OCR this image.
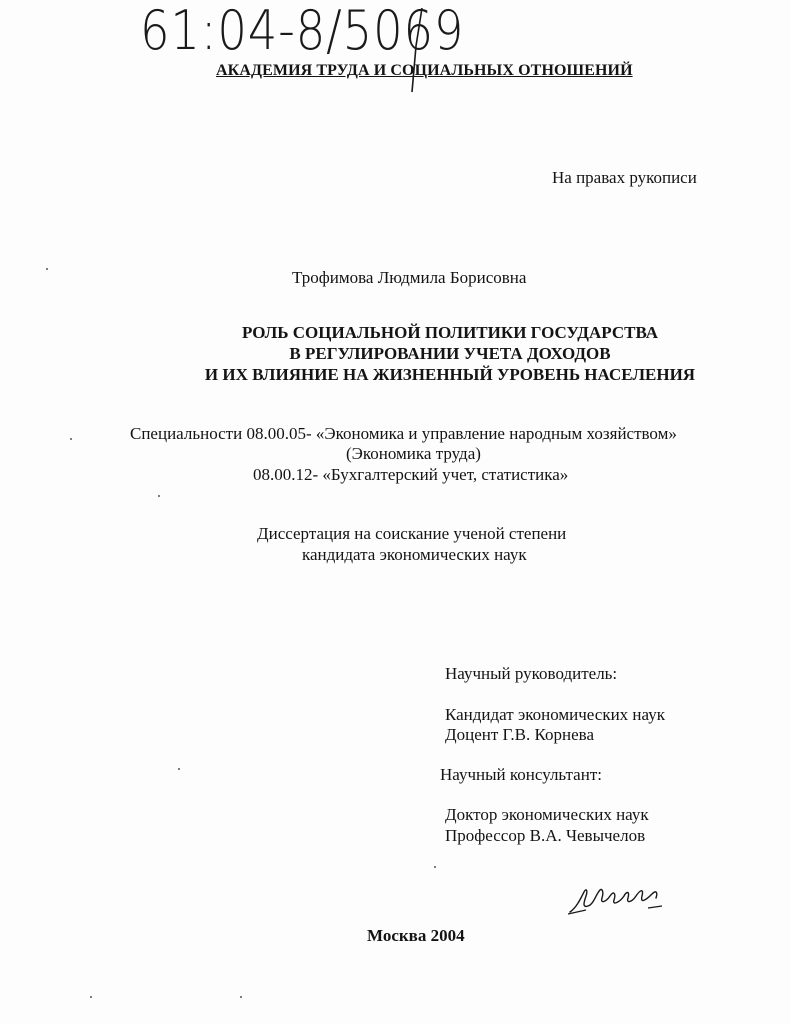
61:04-8/5069
АКАДЕМИЯ ТРУДА И СОЦИАЛЬНЫХ ОТНОШЕНИЙ
На правах рукописи
Трофимова Людмила Борисовна
РОЛЬ СОЦИАЛЬНОЙ ПОЛИТИКИ ГОСУДАРСТВА
В РЕГУЛИРОВАНИИ УЧЕТА ДОХОДОВ
И ИХ ВЛИЯНИЕ НА ЖИЗНЕННЫЙ УРОВЕНЬ НАСЕЛЕНИЯ
Специальности 08.00.05- «Экономика и управление народным хозяйством»
(Экономика труда)
08.00.12- «Бухгалтерский учет, статистика»
Диссертация на соискание ученой степени
кандидата экономических наук
Научный руководитель:
Кандидат экономических наук
Доцент Г.В. Корнева
Научный консультант:
Доктор экономических наук
Профессор В.А. Чевычелов
Москва 2004
